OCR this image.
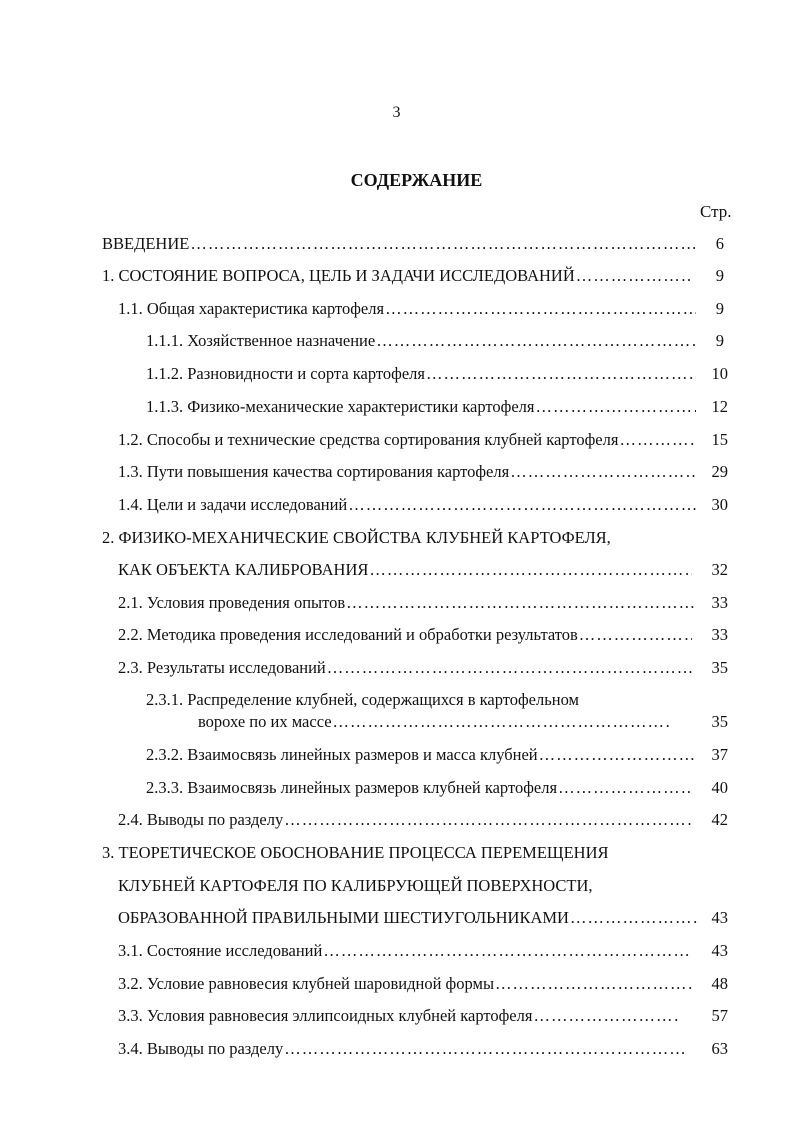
3
СОДЕРЖАНИЕ
Стр.
ВВЕДЕНИЕ ………………………………………………………………………………………………………………………………………………………………………………………	6
1. СОСТОЯНИЕ ВОПРОСА, ЦЕЛЬ И ЗАДАЧИ ИССЛЕДОВАНИЙ ………………………………………………………………………………………………………………………………………………………………………………………	9
1.1. Общая характеристика картофеля ………………………………………………………………………………………………………………………………………………………………………………………	9
1.1.1. Хозяйственное назначение ………………………………………………………………………………………………………………………………………………………………………………………	9
1.1.2. Разновидности и сорта картофеля ………………………………………………………………………………………………………………………………………………………………………………………	10
1.1.3. Физико-механические характеристики картофеля ………………………………………………………………………………………………………………………………………………………………………………………	12
1.2. Способы и технические средства сортирования клубней картофеля ………………………………………………………………………………………………………………………………………………………………………………………	15
1.3. Пути повышения качества сортирования картофеля ………………………………………………………………………………………………………………………………………………………………………………………	29
1.4. Цели и задачи исследований ………………………………………………………………………………………………………………………………………………………………………………………	30
2. ФИЗИКО-МЕХАНИЧЕСКИЕ СВОЙСТВА КЛУБНЕЙ КАРТОФЕЛЯ,
КАК ОБЪЕКТА КАЛИБРОВАНИЯ ………………………………………………………………………………………………………………………………………………………………………………………	32
2.1. Условия проведения опытов ………………………………………………………………………………………………………………………………………………………………………………………	33
2.2. Методика проведения исследований и обработки результатов ………………………………………………………………………………………………………………………………………………………………………………………	33
2.3. Результаты исследований ………………………………………………………………………………………………………………………………………………………………………………………	35
2.3.1. Распределение клубней, содержащихся в картофельном
ворохе по их массе ………………………………………………………………………………………………………………………………………………………………………………………	35
2.3.2. Взаимосвязь линейных размеров и масса клубней ………………………………………………………………………………………………………………………………………………………………………………………	37
2.3.3. Взаимосвязь линейных размеров клубней картофеля ………………………………………………………………………………………………………………………………………………………………………………………	40
2.4. Выводы по разделу ………………………………………………………………………………………………………………………………………………………………………………………	42
3. ТЕОРЕТИЧЕСКОЕ ОБОСНОВАНИЕ ПРОЦЕССА ПЕРЕМЕЩЕНИЯ
КЛУБНЕЙ КАРТОФЕЛЯ ПО КАЛИБРУЮЩЕЙ ПОВЕРХНОСТИ,
ОБРАЗОВАННОЙ ПРАВИЛЬНЫМИ ШЕСТИУГОЛЬНИКАМИ ………………………………………………………………………………………………………………………………………………………………………………………	43
3.1. Состояние исследований ………………………………………………………………………………………………………………………………………………………………………………………	43
3.2. Условие равновесия клубней шаровидной формы ………………………………………………………………………………………………………………………………………………………………………………………	48
3.3. Условия равновесия эллипсоидных клубней картофеля ………………………………………………………………………………………………………………………………………………………………………………………	57
3.4. Выводы по разделу ………………………………………………………………………………………………………………………………………………………………………………………	63
